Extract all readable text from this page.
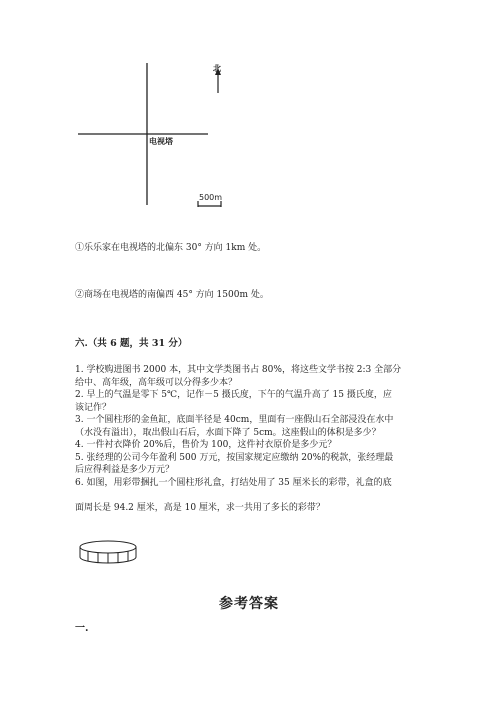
北
电视塔
500m
①乐乐家在电视塔的北偏东 30° 方向 1km 处。
②商场在电视塔的南偏西 45° 方向 1500m 处。
六.（共 6 题，共 31 分）
1. 学校购进图书 2000 本，其中文学类图书占 80%，将这些文学书按 2:3 全部分
给中、高年级，高年级可以分得多少本？
2. 早上的气温是零下 5℃，记作－5 摄氏度，下午的气温升高了 15 摄氏度，应
该记作？
3. 一个圆柱形的金鱼缸，底面半径是 40cm，里面有一座假山石全部浸没在水中
（水没有溢出），取出假山石后，水面下降了 5cm。这座假山的体积是多少？
4. 一件衬衣降价 20%后，售价为 100，这件衬衣原价是多少元？
5. 张经理的公司今年盈利 500 万元，按国家规定应缴纳 20%的税款，张经理最
后应得利益是多少万元？
6. 如图，用彩带捆扎一个圆柱形礼盒，打结处用了 35 厘米长的彩带，礼盒的底
面周长是 94.2 厘米，高是 10 厘米，求一共用了多长的彩带？
参考答案
一.
